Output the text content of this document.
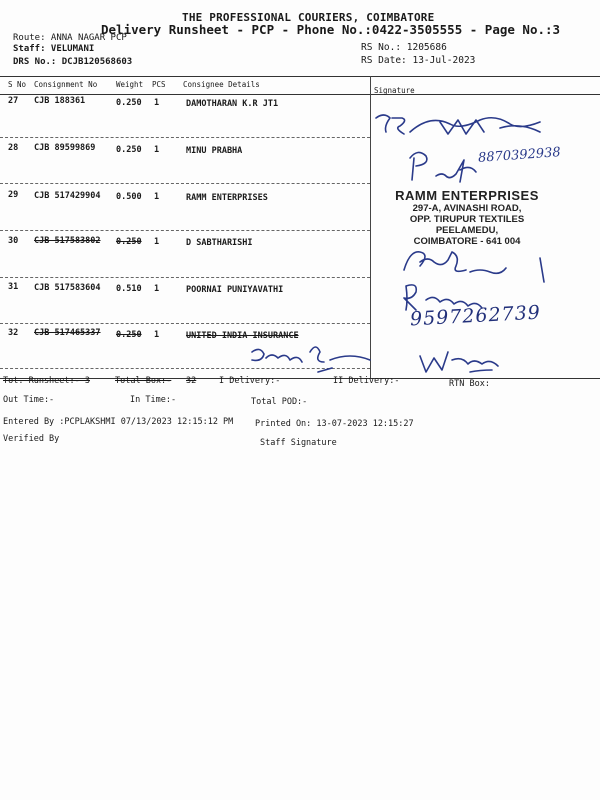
THE PROFESSIONAL COURIERS, COIMBATORE
Delivery Runsheet - PCP - Phone No.:0422-3505555 - Page No.:3
Route: ANNA NAGAR PCP
Staff: VELUMANI
DRS No.: DCJB120568603
RS No.: 1205686
RS Date: 13-Jul-2023
S No Consignment No	Weight PCS Consignee Details
Signature
27 CJB 188361	0.250 1	DAMOTHARAN K.R JT1
28 CJB 89599869 0.250 1	MINU PRABHA
29 CJB 517429904 0.500 1	RAMM ENTERPRISES
30 CJB 517583802 0.250 1	D SABTHARISHI
31 CJB 517583604 0.510 1	POORNAI PUNIYAVATHI
32 CJB 517465337 0.250 1	UNITED INDIA INSURANCE
RAMM ENTERPRISES
297-A, AVINASHI ROAD,
OPP. TIRUPUR TEXTILES
PEELAMEDU,
COIMBATORE - 641 004
8870392938
9597262739
Tot. Runsheet:- 3	Total Box:- 32	I Delivery:-	II Delivery:-	RTN Box:
Out Time:-	In Time:-	Total POD:-
Entered By :PCPLAKSHMI 07/13/2023 12:15:12 PM	Printed On: 13-07-2023 12:15:27
Verified By	Staff Signature
